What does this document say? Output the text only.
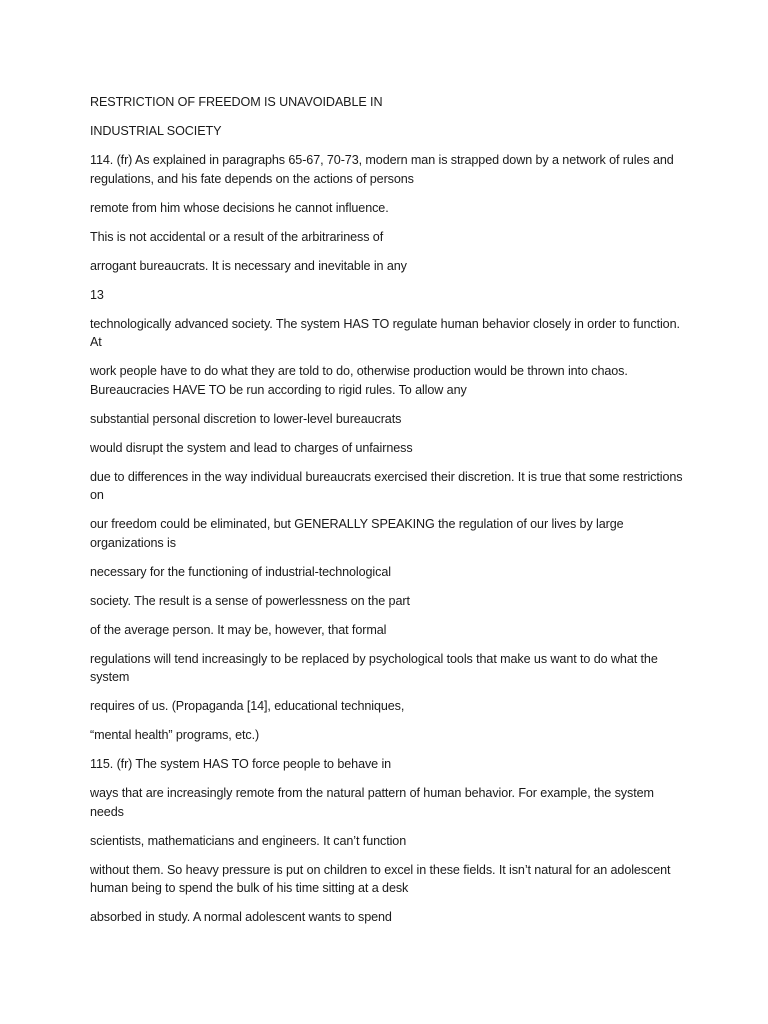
RESTRICTION OF FREEDOM IS UNAVOIDABLE IN

INDUSTRIAL SOCIETY

114. (fr) As explained in paragraphs 65-67, 70-73, modern man is strapped down by a network of rules and regulations, and his fate depends on the actions of persons

remote from him whose decisions he cannot influence.

This is not accidental or a result of the arbitrariness of

arrogant bureaucrats. It is necessary and inevitable in any

13

technologically advanced society. The system HAS TO regulate human behavior closely in order to function. At

work people have to do what they are told to do, otherwise production would be thrown into chaos. Bureaucracies HAVE TO be run according to rigid rules. To allow any

substantial personal discretion to lower-level bureaucrats

would disrupt the system and lead to charges of unfairness

due to differences in the way individual bureaucrats exercised their discretion. It is true that some restrictions on

our freedom could be eliminated, but GENERALLY SPEAKING the regulation of our lives by large organizations is

necessary for the functioning of industrial-technological

society. The result is a sense of powerlessness on the part

of the average person. It may be, however, that formal

regulations will tend increasingly to be replaced by psychological tools that make us want to do what the system

requires of us. (Propaganda [14], educational techniques,

“mental health” programs, etc.)

115. (fr) The system HAS TO force people to behave in

ways that are increasingly remote from the natural pattern of human behavior. For example, the system needs

scientists, mathematicians and engineers. It can’t function

without them. So heavy pressure is put on children to excel in these fields. It isn’t natural for an adolescent human being to spend the bulk of his time sitting at a desk

absorbed in study. A normal adolescent wants to spend
